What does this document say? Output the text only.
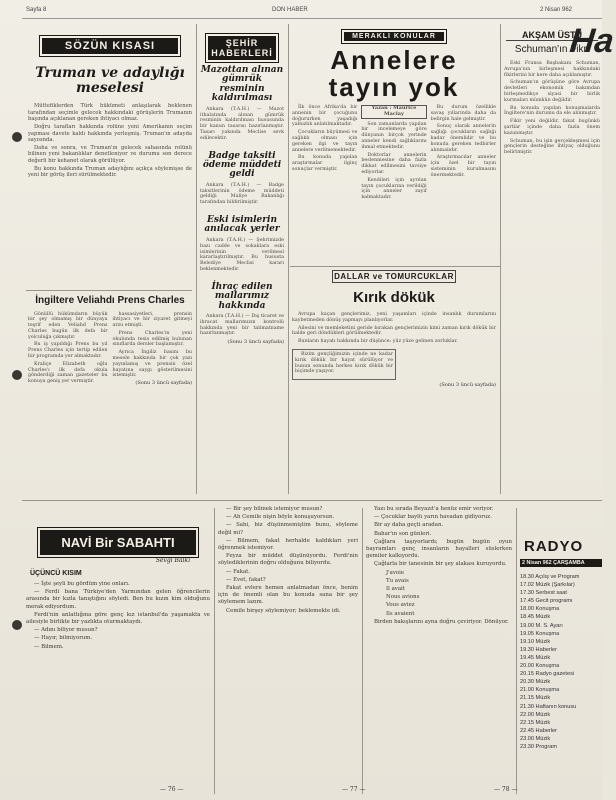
Sayfa 8	DON HABER	2 Nisan 962
SÖZÜN KISASI
Truman ve adaylığı meselesi

Müttefiklerden Türk hükümeti anlaşılarak beklenen tarafından seçimle gelecek hakkındaki görüşlerin Trumanın başında açıklanan gereken ihtiyacı olmaz.

Doğru tarafları hakkında rolüne yeni Amerikanın seçim yapması davete kaldı hakkında yerleşmiş. Truman'ın adayda sayısında.

Daha ve sonra, ve Truman'ın gelecek sahasında rolünü bilinen yeni bakanlıklar denetleniyor ve durumu son derece değerli bir kehanet olarak görülüyor.

Bu konu hakkında Truman adaylığını açıkça söylemişse de yeni bir görüş ileri sürülmektedir.

İngiltere Veliahdı Prens Charles

Gönüllü hükümdarın büyük bir şey olmamış bir dünyaya teşrif eden Veliahd Prens Charles bugün ilk defa bir yolculuğa çıkmıştır.

Bu iş yapıldığı Prens bu yıl Prens Charles için tertip edilen bir programda yer almaktadır.

Kraliçe Elizabeth oğlu Charles'ı ilk defa okula gönderdiği zaman gazeteler bu konuya geniş yer vermiştir.

hassasiyetleri, prensin ihtiyacı ve bir ziyaret gitmeyi arzu etmişti.

Prens Charles'ın yeni okulunda tesis edilmiş bulunan sınıflarda dersler başlamıştır.

Ayrıca İngiliz basını bu mesele hakkında bir çok yazı yayınlamış ve prensin özel hayatına saygı gösterilmesini istemiştir.

(Sonu 3 üncü sayfada)
ŞEHİR HABERLERİ
Mazottan alınan gümrük resminin kaldırılması

Ankara (T.A.H.) — Mazot ithalatında alınan gümrük resminin kaldırılması hususunda bir kanun tasarısı hazırlanmıştır. Tasarı yakında Meclise sevk edilecektir.

Badge taksiti ödeme müddeti geldi

Ankara (T.A.H.) — Badge taksitlerinin ödeme müddeti geldiği Maliye Bakanlığı tarafından bildirilmiştir.

Eski isimlerin anılacak yerler

Ankara (T.A.H.) — Şehrimizde bazı cadde ve sokaklara eski isimlerinin verilmesi kararlaştırılmıştır. Bu hususta Belediye Meclisi kararı beklenmektedir.

İhraç edilen mallarımız hakkında

Ankara (T.A.H.) — Dış ticaret ve ihracat mallarımızın kontrolü hakkında yeni bir talimatname hazırlanmıştır.

(Sonu 3 üncü sayfada)
MERAKLI KONULAR
Annelere tayın yok

İlk önce Afrika'da bir annenin bir çocuğunu doğururken yaşadığı yalnızlık anlatılmaktadır.

Çocukların büyümesi ve sağlıklı olması için gereken ilgi ve tayın annelere verilmemektedir.

Bu konuda yapılan araştırmalar ilginç sonuçlar vermiştir.

Yazan : Maurice Maclay

Son zamanlarda yapılan bir incelemeye göre dünyanın birçok yerinde anneler kendi sağlıklarını ihmal etmektedir.

Doktorlar annelerin beslenmesine daha fazla dikkat edilmesini tavsiye ediyorlar.

Kendileri için ayrılan tayın çocuklarına verildiği için anneler zayıf kalmaktadır.

Bu durum özellikle savaş yıllarında daha da belirgin hale gelmiştir.

Sonuç olarak annelerin sağlığı çocukların sağlığı kadar önemlidir ve bu konuda gereken tedbirler alınmalıdır.

Araştırmacılar anneler için özel bir tayın sisteminin kurulmasını önermektedir.

DALLAR ve TOMURCUKLAR
Kırık dökük

Avrupa kaçan gençlerimiz, yeni yaşamları içinde insanlık durumlarını kaybetmeden dönüş yapmayı planlıyorlar.

Ailesini ve memleketini geride bırakan gençlerimizin kimi zaman kırık dökük bir halde geri döndükleri görülmektedir.

Bunların hayatı hakkında bir düşünce: yüz yüze gelinen zorluklar.

Bizim gençliğimizin içinde ne kadar kırık dökük bir hayat sürülüyor ve bunun sonunda herkes kırık dökük bir biçimde yaşıyor.

(Sonu 3 üncü sayfada)
AKŞAM ÜSTÜ
Schuman'ın Fikri

Eski Fransa Başbakanı Schuman, Avrupa'nın birleşmesi hakkındaki fikirlerini bir kere daha açıklamıştır.

Schuman'ın görüşüne göre Avrupa devletleri ekonomik bakımdan birleşmedikçe siyasi bir birlik kurmaları mümkün değildir.

Bu konuda yapılan konuşmalarda İngiltere'nin durumu da ele alınmıştır.

Fikir yeni değildir, fakat bugünkü şartlar içinde daha fazla önem kazanmıştır.

Schuman, bu işin gerçekleşmesi için gençlerin desteğine ihtiyaç olduğunu belirtmiştir.

Ha
NAVİ Bir SABAHTI
Sevgi Balkı
ÜÇÜNCÜ KISIM

— İşte şeyli bu gördüm yine onları.

— Ferdi bana Türkiye'den Yarmından gelen öğrencilerin arasında bir kızla tanıştığını söyledi. Ben bu kızın kim olduğunu merak ediyordum.

Ferdi'nin anlattığına göre genç kız istanbul'da yaşamakta ve ailesiyle birlikte bir yazlıkta oturmaktaydı.

— Adını biliyor musun?

— Hayır, bilmiyorum.

— Bilmem.

— 76 —

— Bir şey bilmek istemiyor musun?

— Ah Cemile nişin böyle konuşuyorsun.

— Sahi, biz düşünmemiştim bunu, söyleme değil mi?

— Bilmem, fakat herhalde kaldıkları yeri öğrenmek istemiyor.

Feyza bir müddet düşünüyordu. Ferdi'nin söylediklerinin doğru olduğunu biliyordu.

— Fakat.

— Evet, fakat?

Fakat evlere hemen anlatmadan önce, benim için de önemli olan bu konuda sana bir şey söylemem lazım.

Cemile birşey söylemiyor; beklemekte idi.

— 77 —

Yazı bu sırada Beyazıt'a henüz emir veriyor.

— Çocuklar baylü yarın havadan gidiyoruz.

Bir ay daha geçti aradan.

Bahar'ın son günleri.

Çağlara taşıyorlardı; bugün bugün oyun bayramları genç insanların hayalleri süslerken gemiler kalkıyordu.

Çağlarla bir tanesinin bir şey alakası kuruyordu.

J'avoie

Tu avais

Il avait

Nous avions

Vous aviez

Ils avaient

Birden bakışlarını ayna doğru çeviriyor. Dönüyor.

— 78 —
RADYO
2 Nisan 962 ÇARŞAMBA
18.30 Açılış ve Program
17.02 Müzik (Şarkılar)
17.30 Serbest saat
17.45 Gecit programı
18.00 Konuşma
18.45 Müzik
19.00 M. S. Ayarı
19.05 Konuşma
19.10 Müzik
19.30 Haberler
19.45 Müzik
20.00 Konuşma
20.15 Radyo gazetesi
20.30 Müzik
21.00 Konuşma
21.15 Müzik
21.30 Haftanın konusu
22.00 Müzik
22.15 Müzik
22.45 Haberler
23.00 Müzik
23.30 Program
